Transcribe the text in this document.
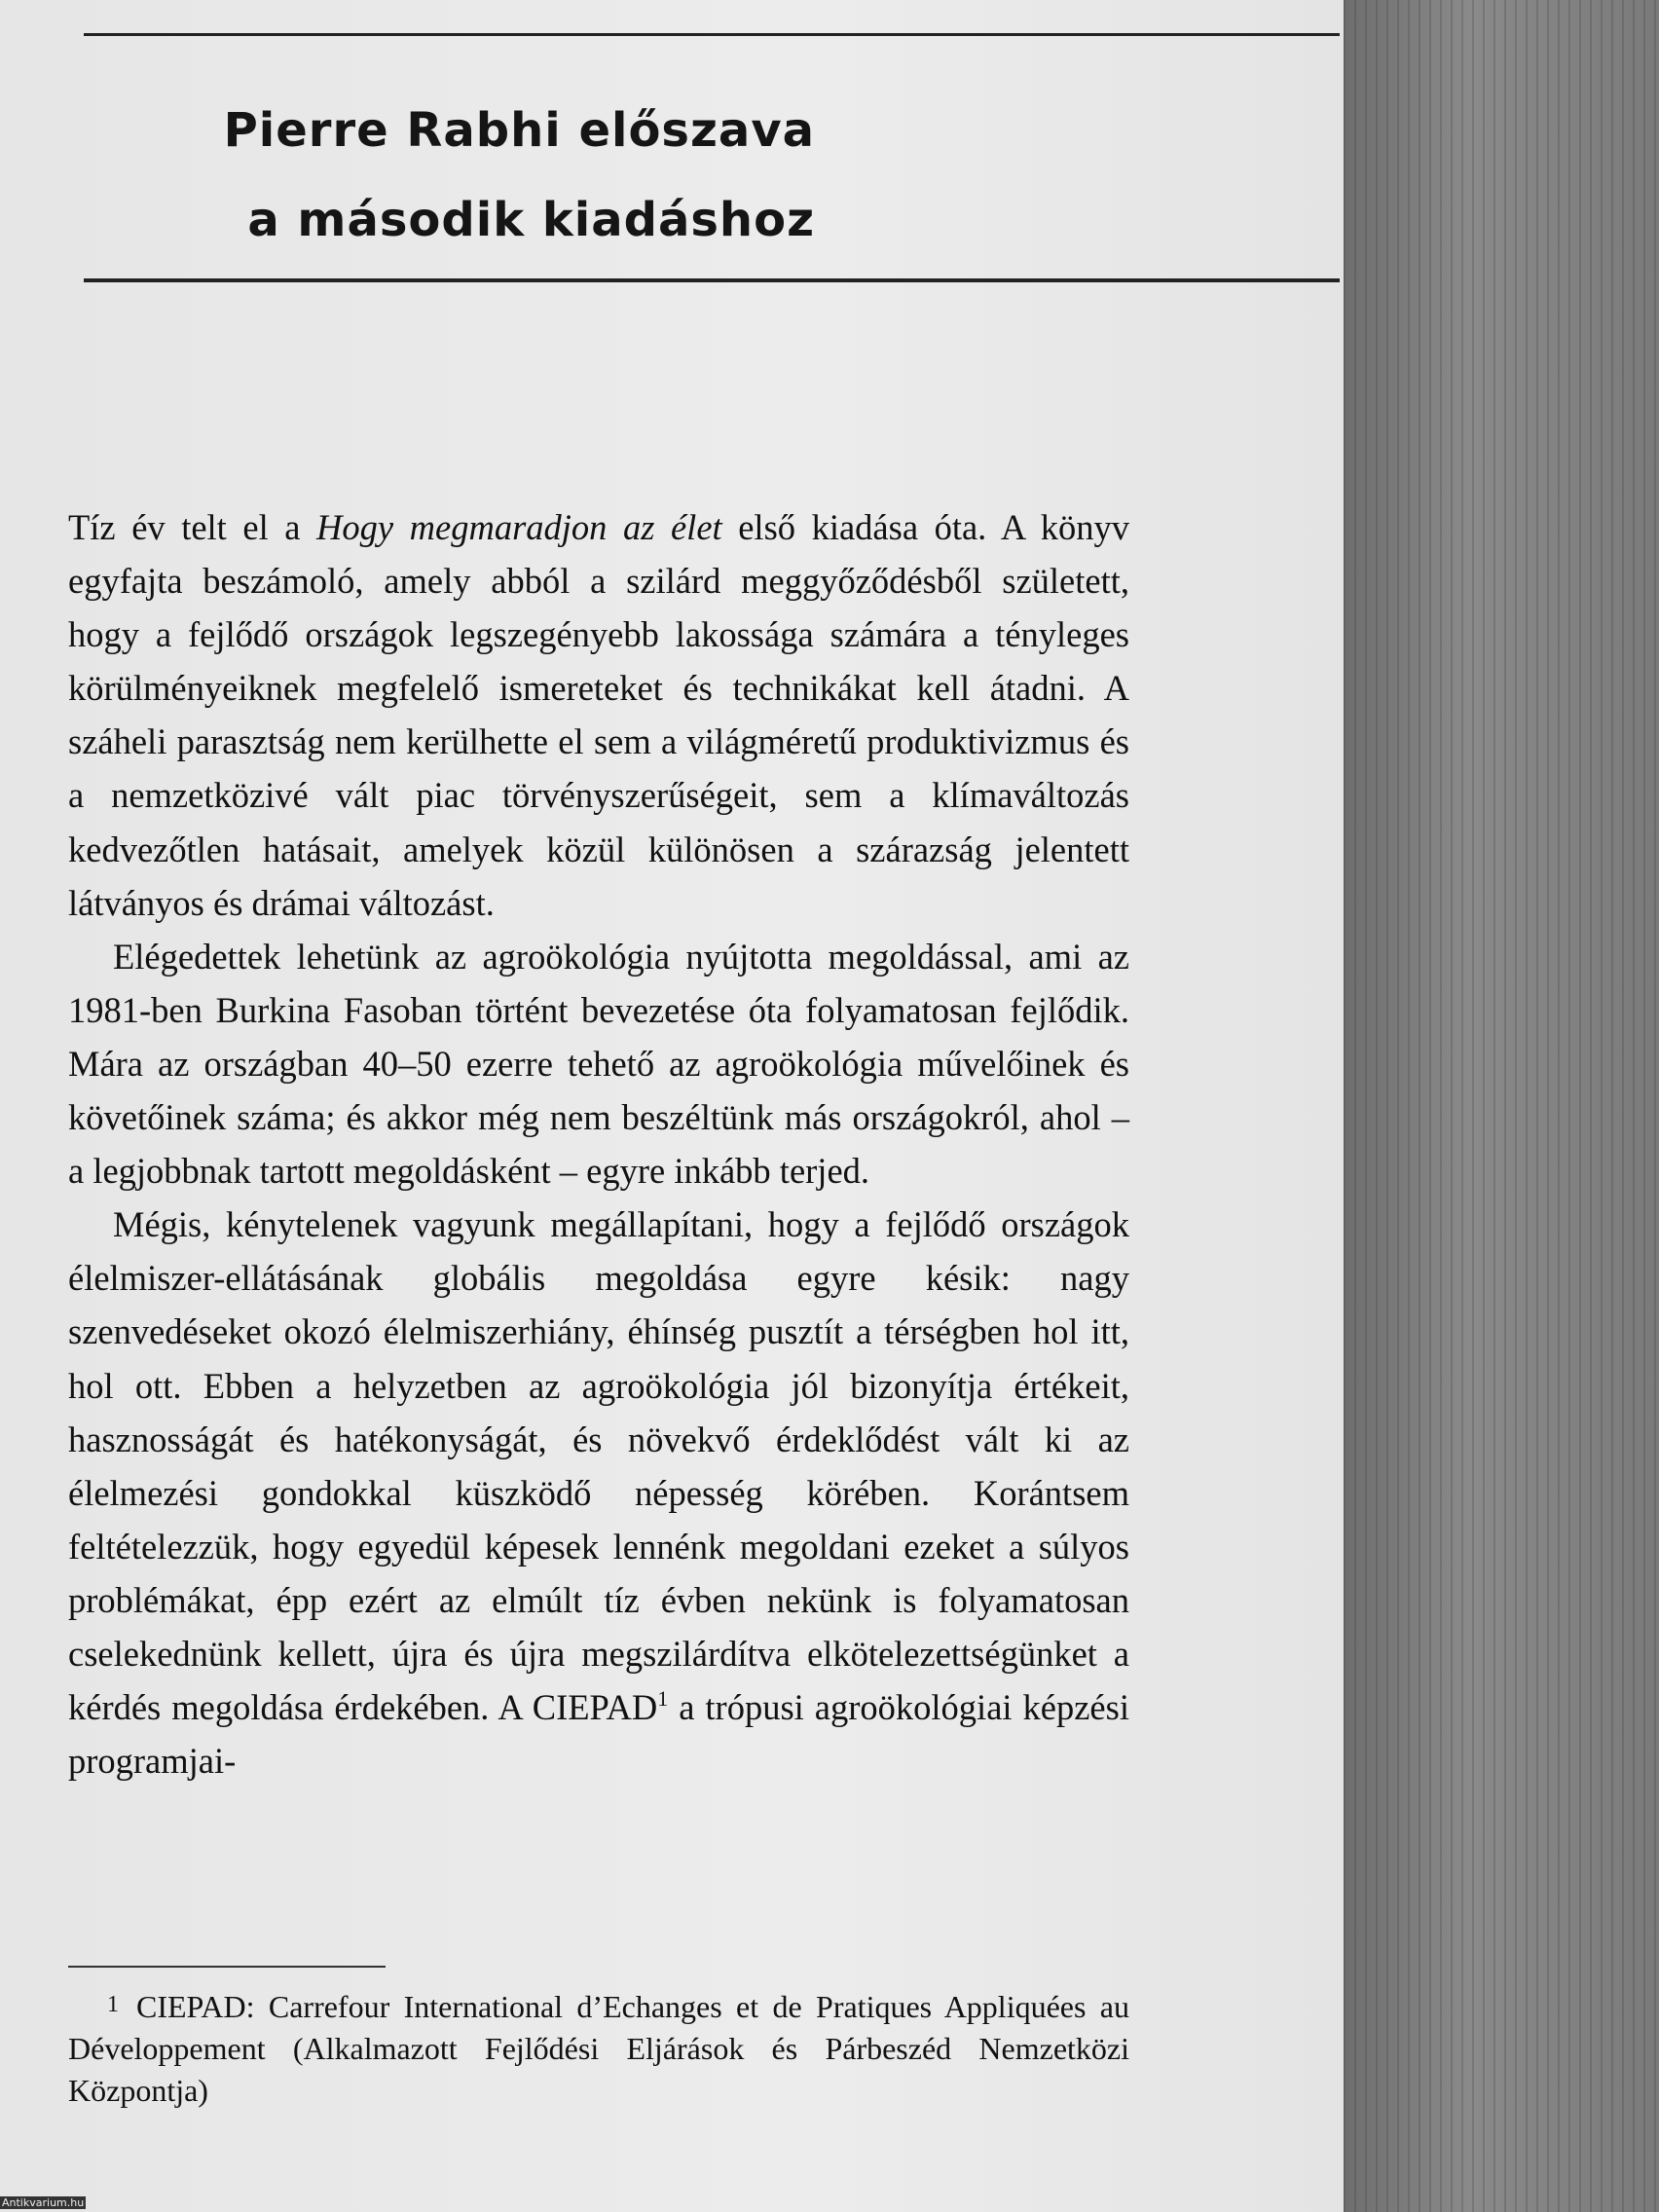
Pierre Rabhi előszava
a második kiadáshoz

Tíz év telt el a Hogy megmaradjon az élet első kiadása óta. A könyv egyfajta beszámoló, amely abból a szilárd meggyőződésből született, hogy a fejlődő országok legszegényebb lakossága számára a tényleges körülményeiknek megfelelő ismereteket és technikákat kell átadni. A száheli parasztság nem kerülhette el sem a világméretű produktivizmus és a nemzetközivé vált piac törvényszerűségeit, sem a klímaváltozás kedvezőtlen hatásait, amelyek közül különösen a szárazság jelentett látványos és drámai változást.

Elégedettek lehetünk az agroökológia nyújtotta megoldással, ami az 1981-ben Burkina Fasoban történt bevezetése óta folyamatosan fejlődik. Mára az országban 40–50 ezerre tehető az agroökológia művelőinek és követőinek száma; és akkor még nem beszéltünk más országokról, ahol – a legjobbnak tartott megoldásként – egyre inkább terjed.

Mégis, kénytelenek vagyunk megállapítani, hogy a fejlődő országok élelmiszer-ellátásának globális megoldása egyre késik: nagy szenvedéseket okozó élelmiszerhiány, éhínség pusztít a térségben hol itt, hol ott. Ebben a helyzetben az agroökológia jól bizonyítja értékeit, hasznosságát és hatékonyságát, és növekvő érdeklődést vált ki az élelmezési gondokkal küszködő népesség körében. Korántsem feltételezzük, hogy egyedül képesek lennénk megoldani ezeket a súlyos problémákat, épp ezért az elmúlt tíz évben nekünk is folyamatosan cselekednünk kellett, újra és újra megszilárdítva elkötelezettségünket a kérdés megoldása érdekében. A CIEPAD$^1$ a trópusi agroökológiai képzési programjai-

1 CIEPAD: Carrefour International d’Echanges et de Pratiques Appliquées au Développement (Alkalmazott Fejlődési Eljárások és Párbeszéd Nemzetközi Központja)
Antikvarium.hu
